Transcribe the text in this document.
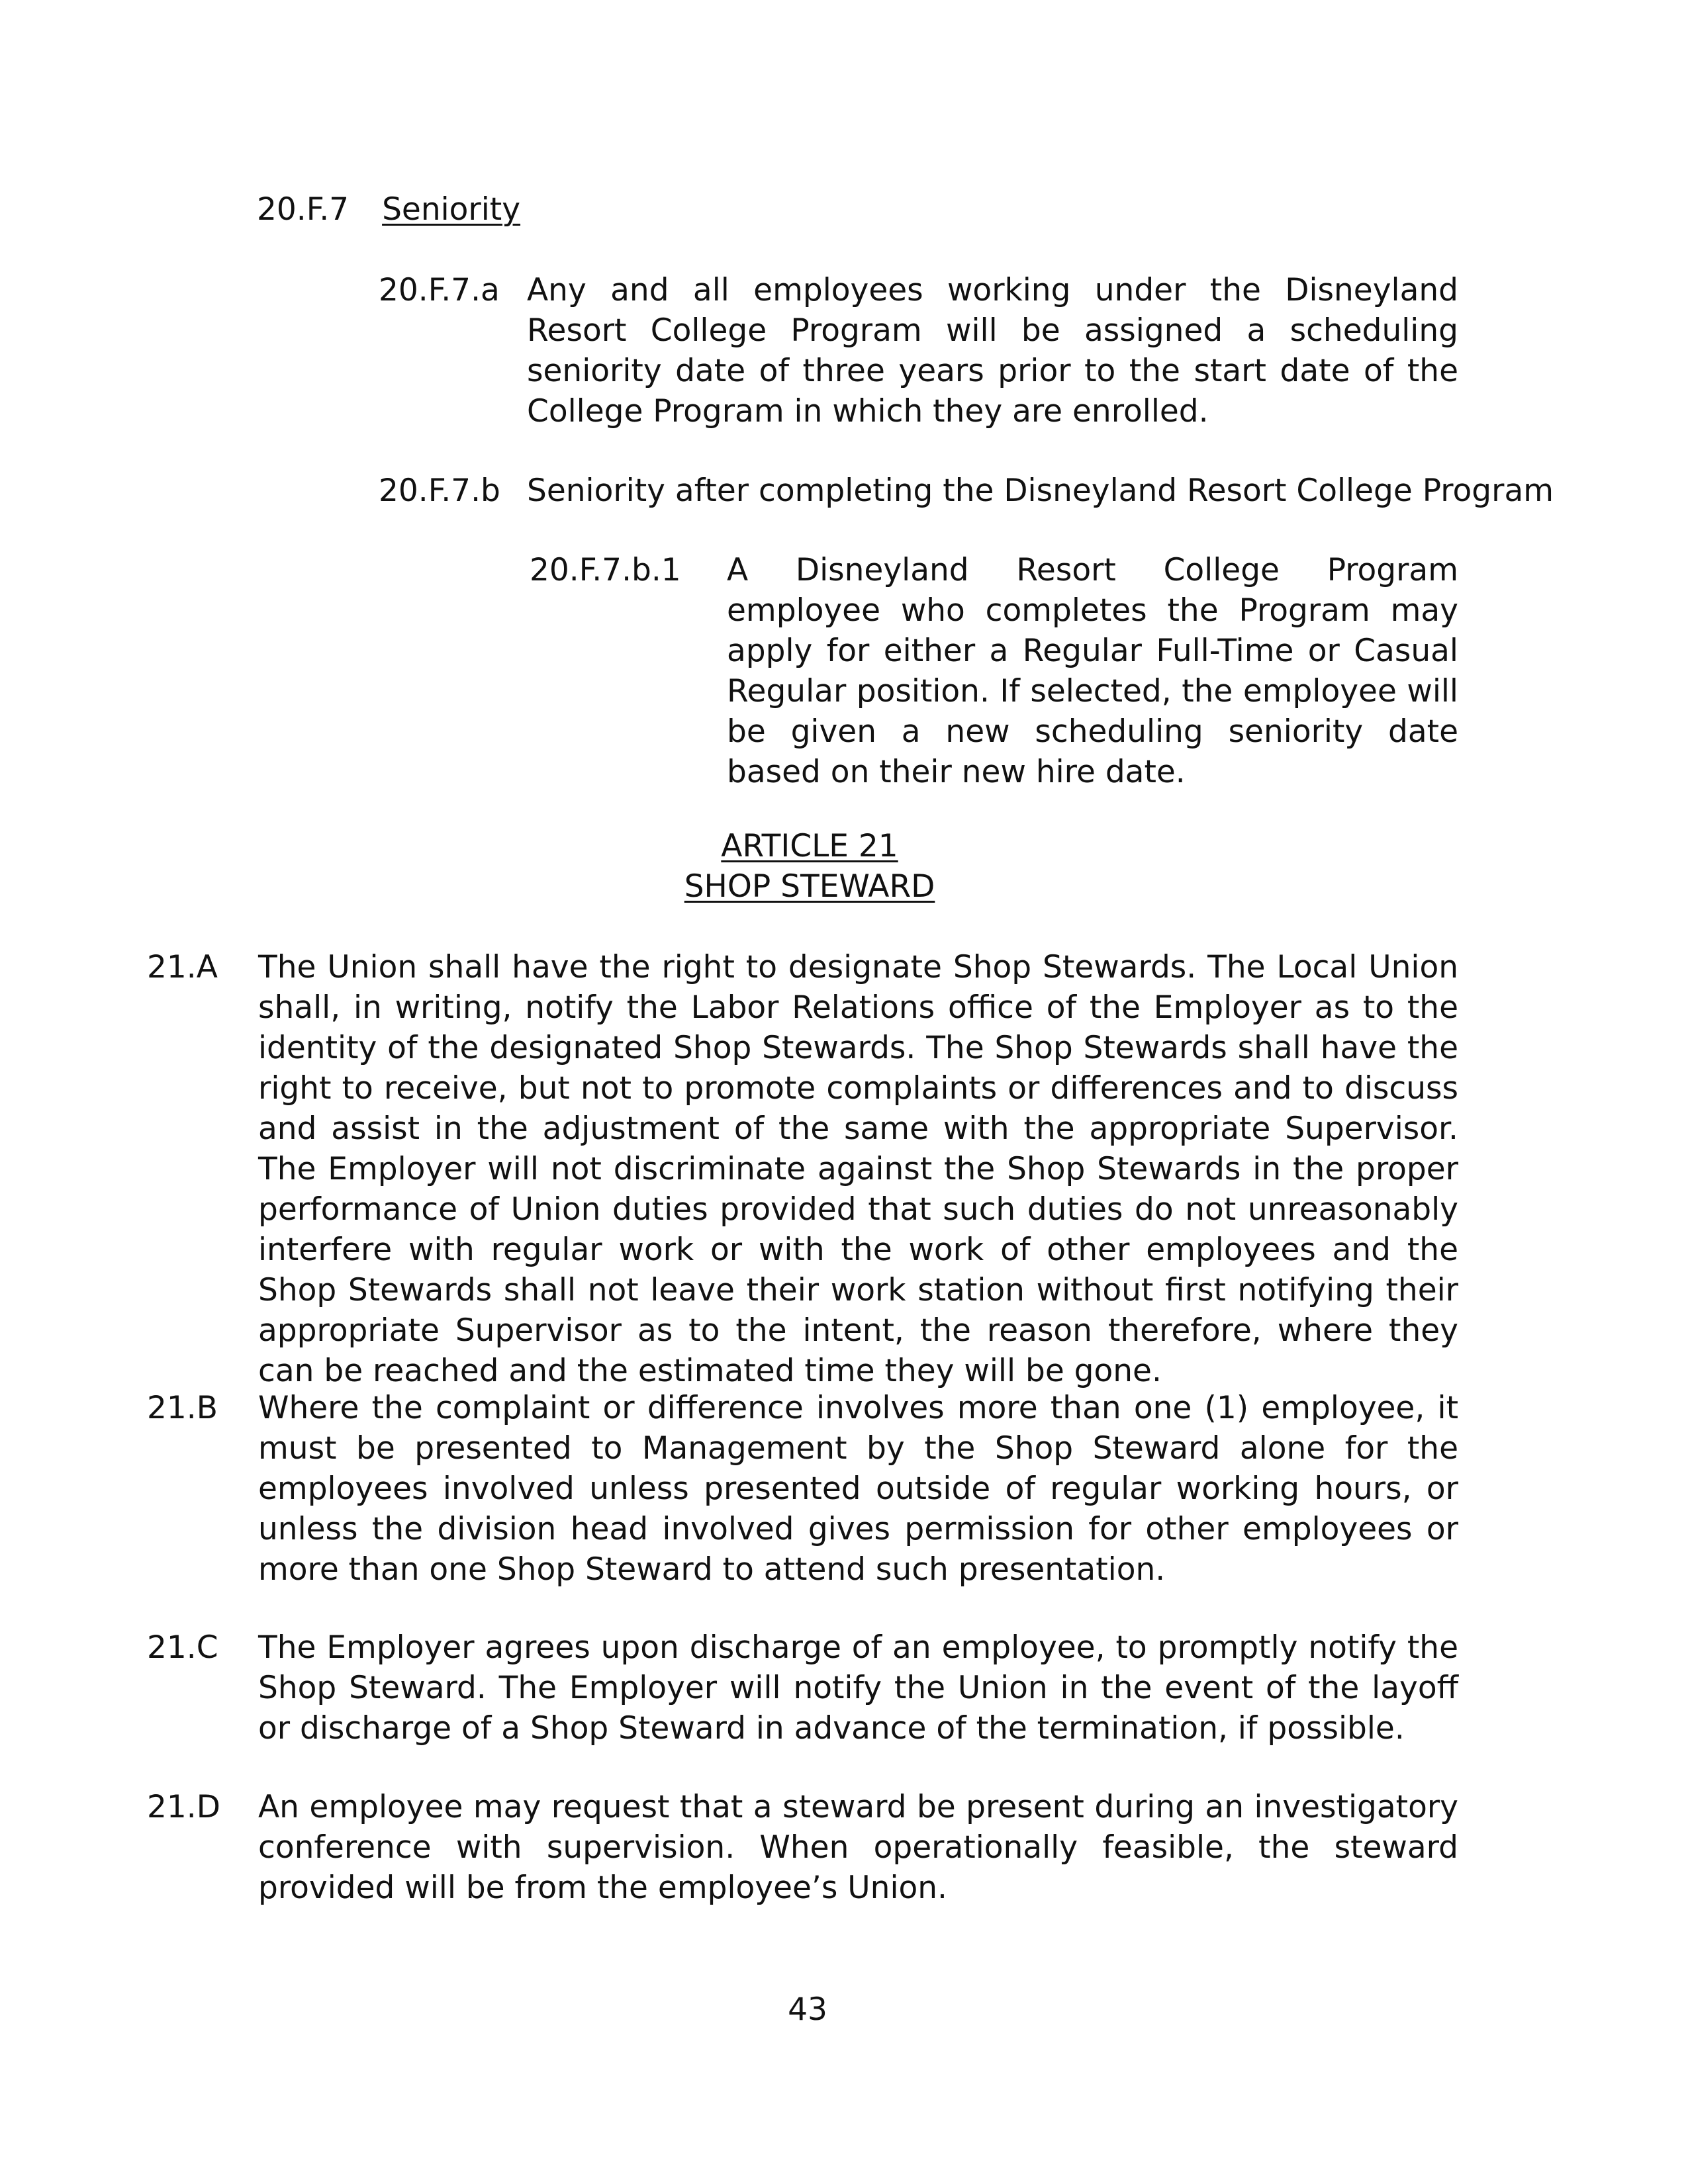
20.F.7 Seniority
20.F.7.a Any and all employees working under the Disneyland Resort College Program will be assigned a scheduling seniority date of three years prior to the start date of the College Program in which they are enrolled.

20.F.7.b Seniority after completing the Disneyland Resort College Program

20.F.7.b.1 A Disneyland Resort College Program employee who completes the Program may apply for either a Regular Full-Time or Casual Regular position. If selected, the employee will be given a new scheduling seniority date based on their new hire date.

ARTICLE 21
SHOP STEWARD
21.A The Union shall have the right to designate Shop Stewards. The Local Union shall, in writing, notify the Labor Relations office of the Employer as to the identity of the designated Shop Stewards. The Shop Stewards shall have the right to receive, but not to promote complaints or differences and to discuss and assist in the adjustment of the same with the appropriate Supervisor. The Employer will not discriminate against the Shop Stewards in the proper performance of Union duties provided that such duties do not unreasonably interfere with regular work or with the work of other employees and the Shop Stewards shall not leave their work station without first notifying their appropriate Supervisor as to the intent, the reason therefore, where they can be reached and the estimated time they will be gone.

21.B Where the complaint or difference involves more than one (1) employee, it must be presented to Management by the Shop Steward alone for the employees involved unless presented outside of regular working hours, or unless the division head involved gives permission for other employees or more than one Shop Steward to attend such presentation.

21.C The Employer agrees upon discharge of an employee, to promptly notify the Shop Steward. The Employer will notify the Union in the event of the layoff or discharge of a Shop Steward in advance of the termination, if possible.

21.D An employee may request that a steward be present during an investigatory conference with supervision. When operationally feasible, the steward provided will be from the employee’s Union.

43
